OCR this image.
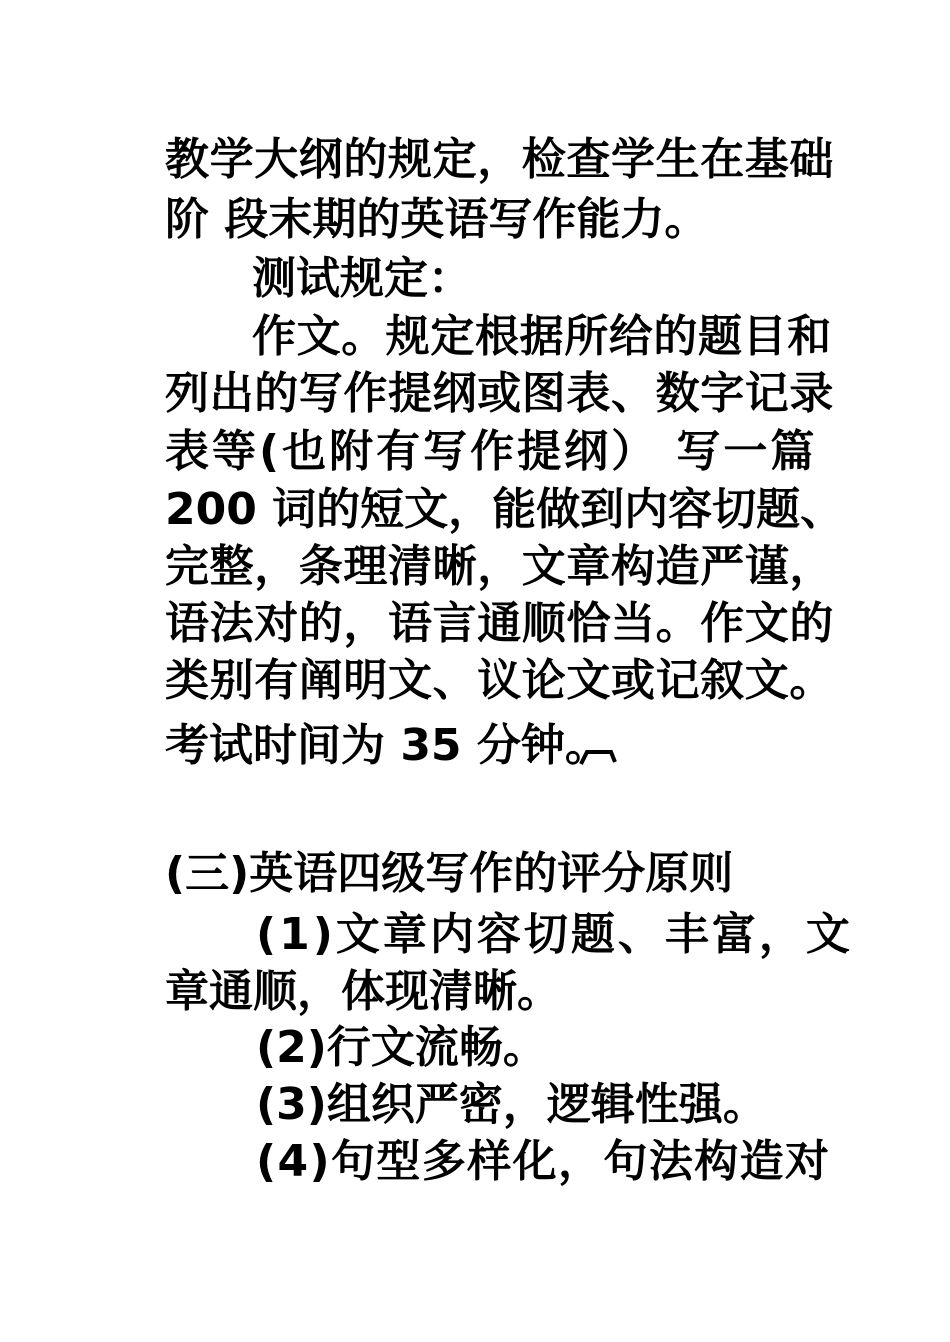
教学大纲的规定，检查学生在基础
阶 段末期的英语写作能力。
测试规定：
作文。规定根据所给的题目和
列出的写作提纲或图表、数字记录
表等(也附有写作提纲） 写一篇
200 词的短文，能做到内容切题、
完整，条理清晰，文章构造严谨，
语法对的，语言通顺恰当。作文的
类别有阐明文、议论文或记叙文。
考试时间为 35 分钟。
(三)英语四级写作的评分原则
(1)文章内容切题、丰富，文
章通顺，体现清晰。
(2)行文流畅。
(3)组织严密，逻辑性强。
(4)句型多样化，句法构造对
